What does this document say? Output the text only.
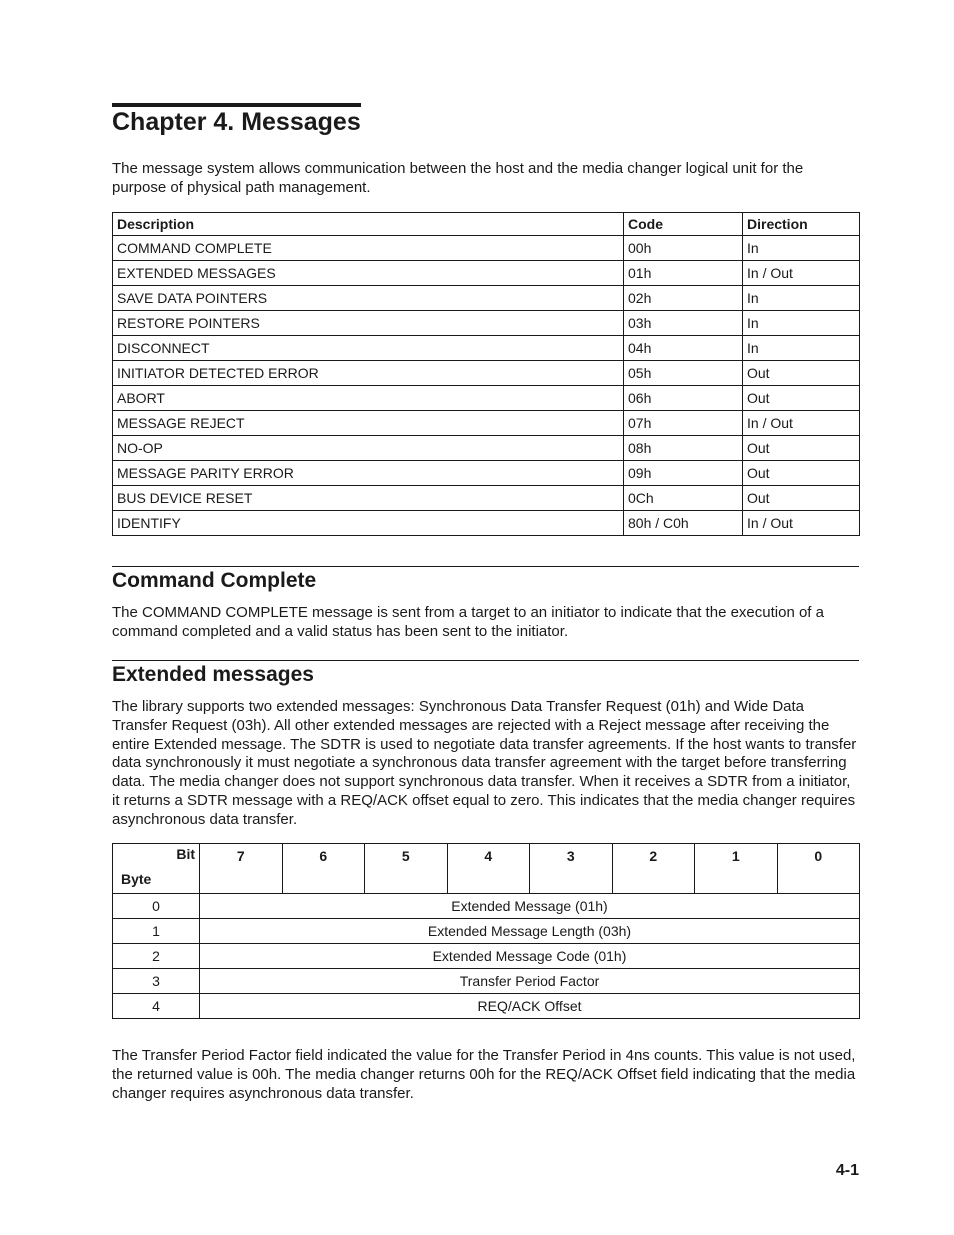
Chapter 4. Messages

The message system allows communication between the host and the media changer logical unit for the purpose of physical path management.

Description	Code	Direction
COMMAND COMPLETE	00h	In
EXTENDED MESSAGES	01h	In / Out
SAVE DATA POINTERS	02h	In
RESTORE POINTERS	03h	In
DISCONNECT	04h	In
INITIATOR DETECTED ERROR	05h	Out
ABORT	06h	Out
MESSAGE REJECT	07h	In / Out
NO-OP	08h	Out
MESSAGE PARITY ERROR	09h	Out
BUS DEVICE RESET	0Ch	Out
IDENTIFY	80h / C0h	In / Out
Command Complete

The COMMAND COMPLETE message is sent from a target to an initiator to indicate that the execution of a command completed and a valid status has been sent to the initiator.

Extended messages

The library supports two extended messages: Synchronous Data Transfer Request (01h) and Wide Data Transfer Request (03h). All other extended messages are rejected with a Reject message after receiving the entire Extended message. The SDTR is used to negotiate data transfer agreements. If the host wants to transfer data synchronously it must negotiate a synchronous data transfer agreement with the target before transferring data. The media changer does not support synchronous data transfer. When it receives a SDTR from a initiator, it returns a SDTR message with a REQ/ACK offset equal to zero. This indicates that the media changer requires asynchronous data transfer.

Bit
Byte	7	6	5	4	3	2	1	0
0	Extended Message (01h)							
1	Extended Message Length (03h)							
2	Extended Message Code (01h)							
3	Transfer Period Factor							
4	REQ/ACK Offset							

The Transfer Period Factor field indicated the value for the Transfer Period in 4ns counts. This value is not used, the returned value is 00h. The media changer returns 00h for the REQ/ACK Offset field indicating that the media changer requires asynchronous data transfer.

4-1
